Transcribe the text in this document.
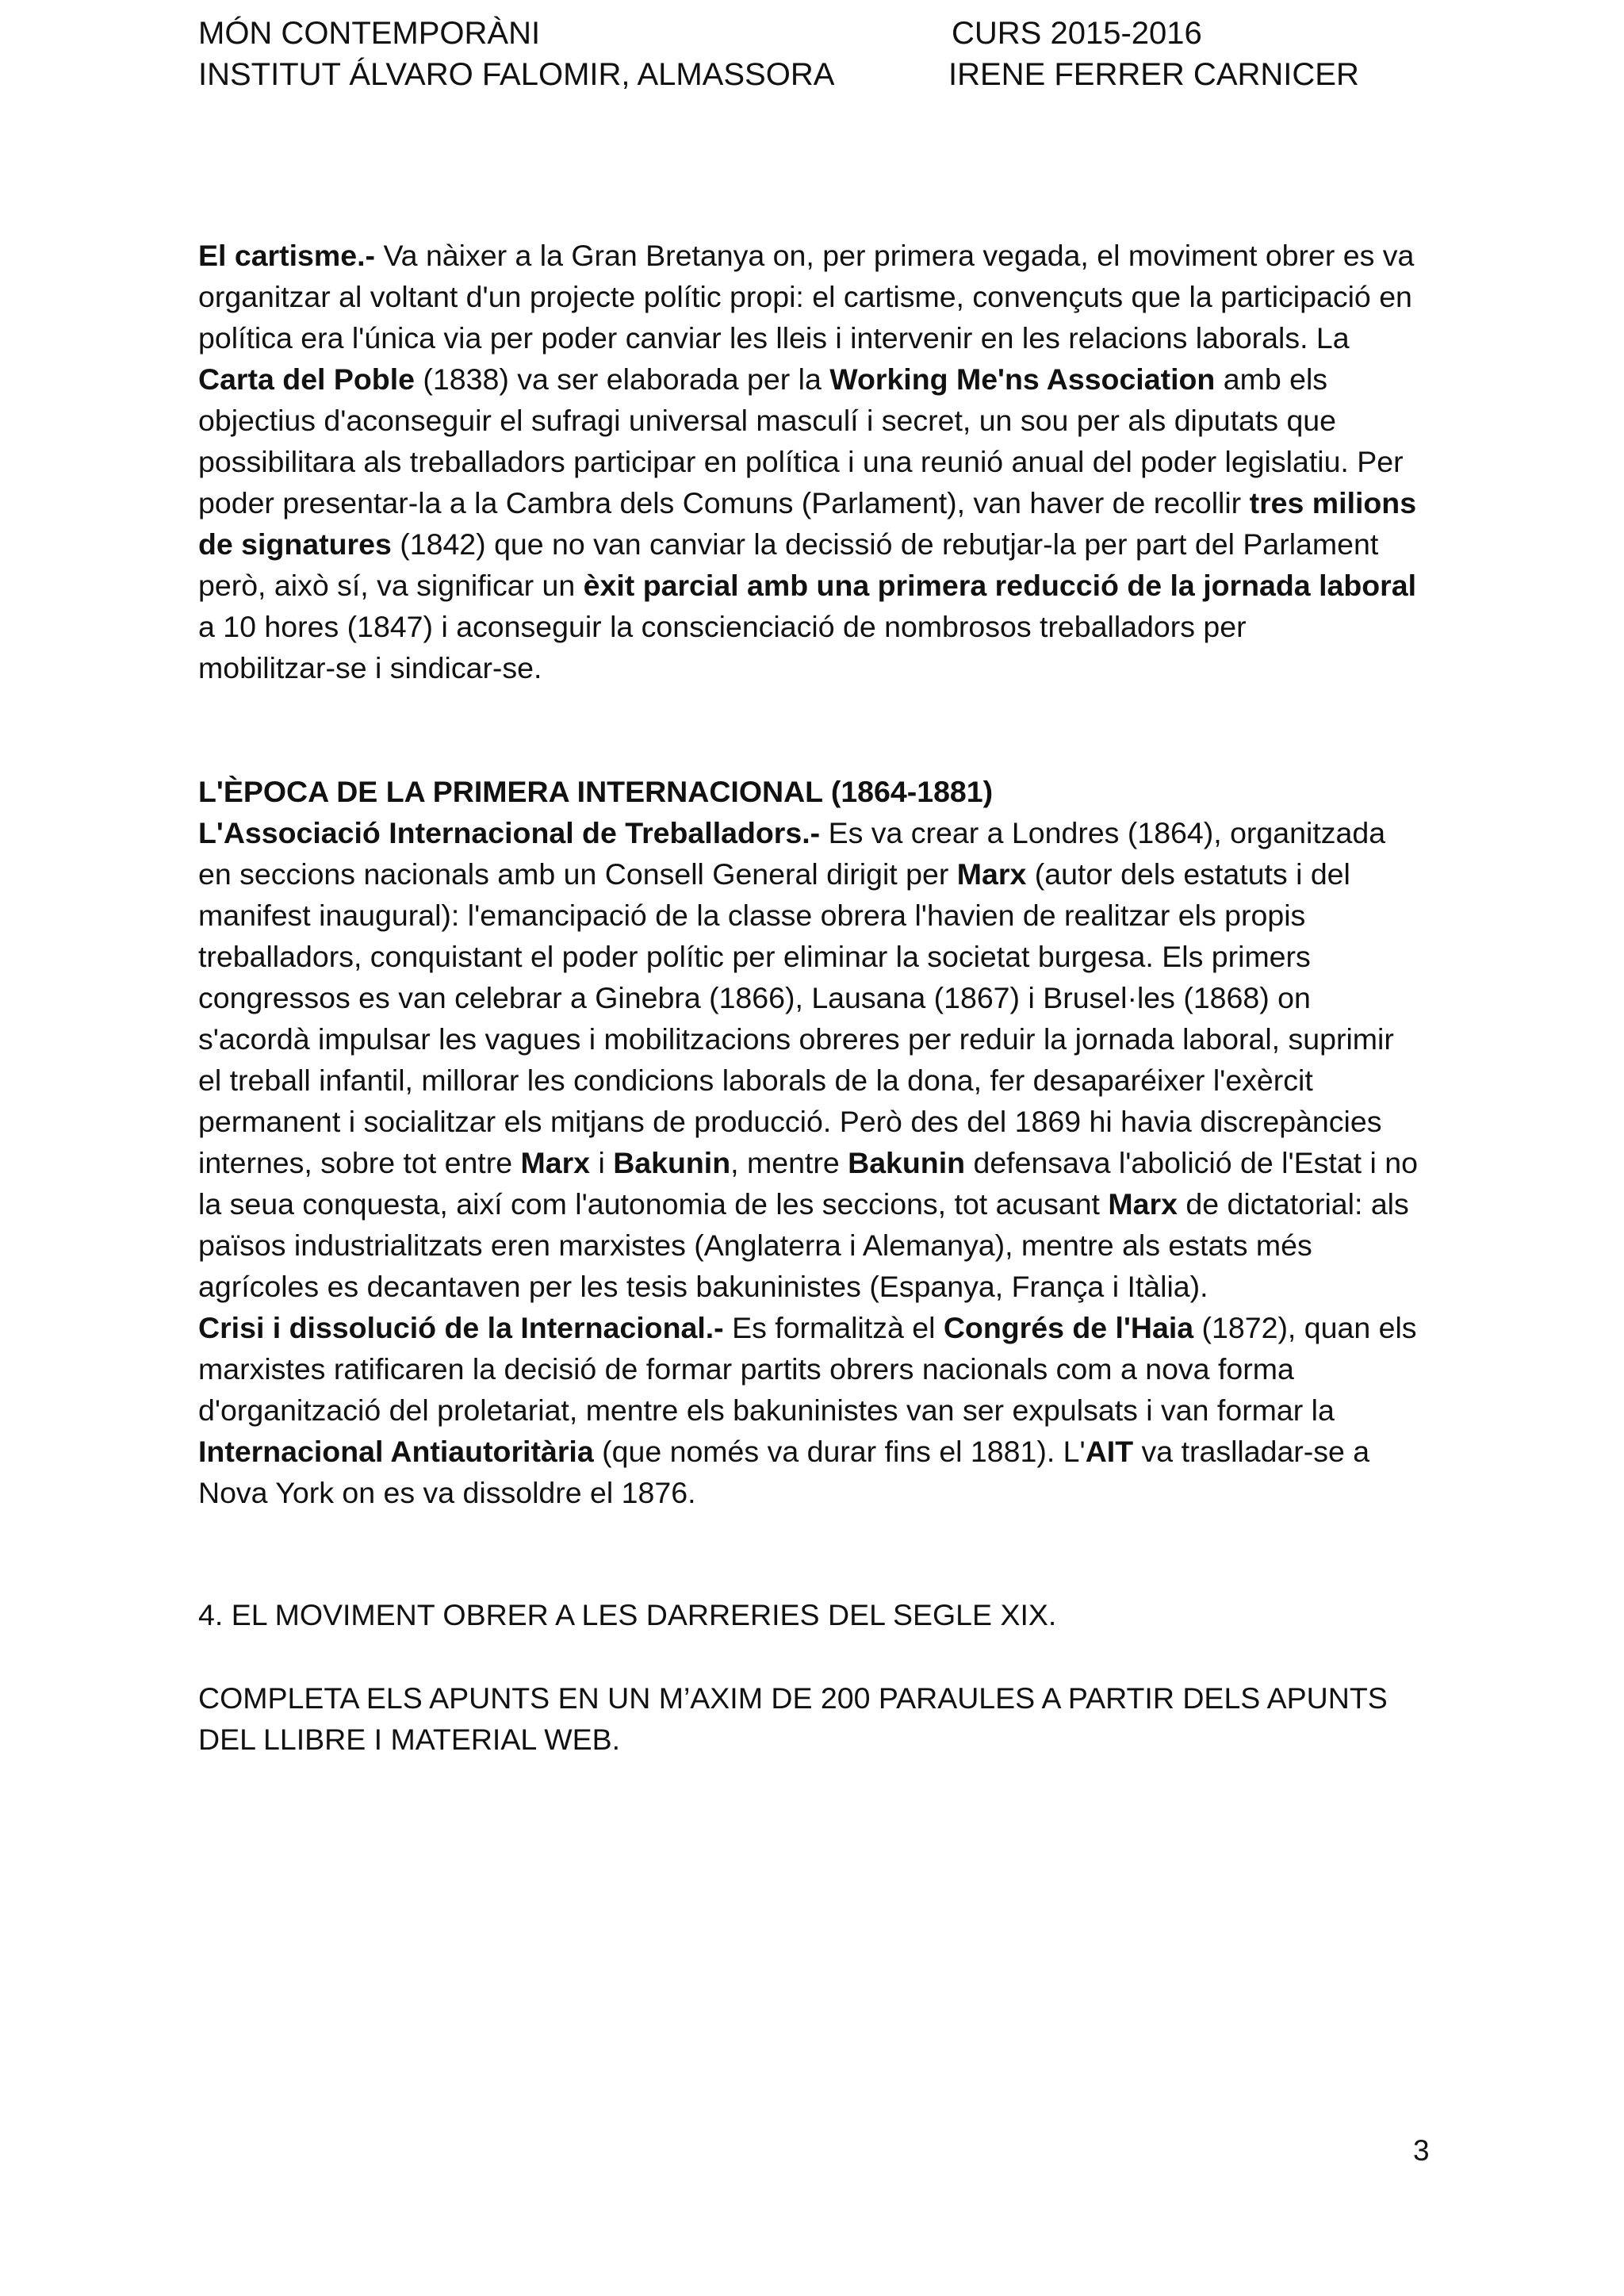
MÓN CONTEMPORÀNI
INSTITUT ÁLVARO FALOMIR, ALMASSORA
CURS 2015-2016
IRENE FERRER CARNICER
El cartisme.- Va nàixer a la Gran Bretanya on, per primera vegada, el moviment obrer es va
organitzar al voltant d'un projecte polític propi: el cartisme, convençuts que la participació en
política era l'única via per poder canviar les lleis i intervenir en les relacions laborals. La
Carta del Poble (1838) va ser elaborada per la Working Me'ns Association amb els
objectius d'aconseguir el sufragi universal masculí i secret, un sou per als diputats que
possibilitara als treballadors participar en política i una reunió anual del poder legislatiu. Per
poder presentar-la a la Cambra dels Comuns (Parlament), van haver de recollir tres milions
de signatures (1842) que no van canviar la decissió de rebutjar-la per part del Parlament
però, això sí, va significar un èxit parcial amb una primera reducció de la jornada laboral
a 10 hores (1847) i aconseguir la conscienciació de nombrosos treballadors per
mobilitzar-se i sindicar-se.
L'ÈPOCA DE LA PRIMERA INTERNACIONAL (1864-1881)
L'Associació Internacional de Treballadors.- Es va crear a Londres (1864), organitzada
en seccions nacionals amb un Consell General dirigit per Marx (autor dels estatuts i del
manifest inaugural): l'emancipació de la classe obrera l'havien de realitzar els propis
treballadors, conquistant el poder polític per eliminar la societat burgesa. Els primers
congressos es van celebrar a Ginebra (1866), Lausana (1867) i Brusel·les (1868) on
s'acordà impulsar les vagues i mobilitzacions obreres per reduir la jornada laboral, suprimir
el treball infantil, millorar les condicions laborals de la dona, fer desaparéixer l'exèrcit
permanent i socialitzar els mitjans de producció. Però des del 1869 hi havia discrepàncies
internes, sobre tot entre Marx i Bakunin, mentre Bakunin defensava l'abolició de l'Estat i no
la seua conquesta, així com l'autonomia de les seccions, tot acusant Marx de dictatorial: als
països industrialitzats eren marxistes (Anglaterra i Alemanya), mentre als estats més
agrícoles es decantaven per les tesis bakuninistes (Espanya, França i Itàlia).
Crisi i dissolució de la Internacional.- Es formalitzà el Congrés de l'Haia (1872), quan els
marxistes ratificaren la decisió de formar partits obrers nacionals com a nova forma
d'organització del proletariat, mentre els bakuninistes van ser expulsats i van formar la
Internacional Antiautoritària (que només va durar fins el 1881). L'AIT va traslladar-se a
Nova York on es va dissoldre el 1876.
4. EL MOVIMENT OBRER A LES DARRERIES DEL SEGLE XIX.
COMPLETA ELS APUNTS EN UN M’AXIM DE 200 PARAULES A PARTIR DELS APUNTS
DEL LLIBRE I MATERIAL WEB.
3
